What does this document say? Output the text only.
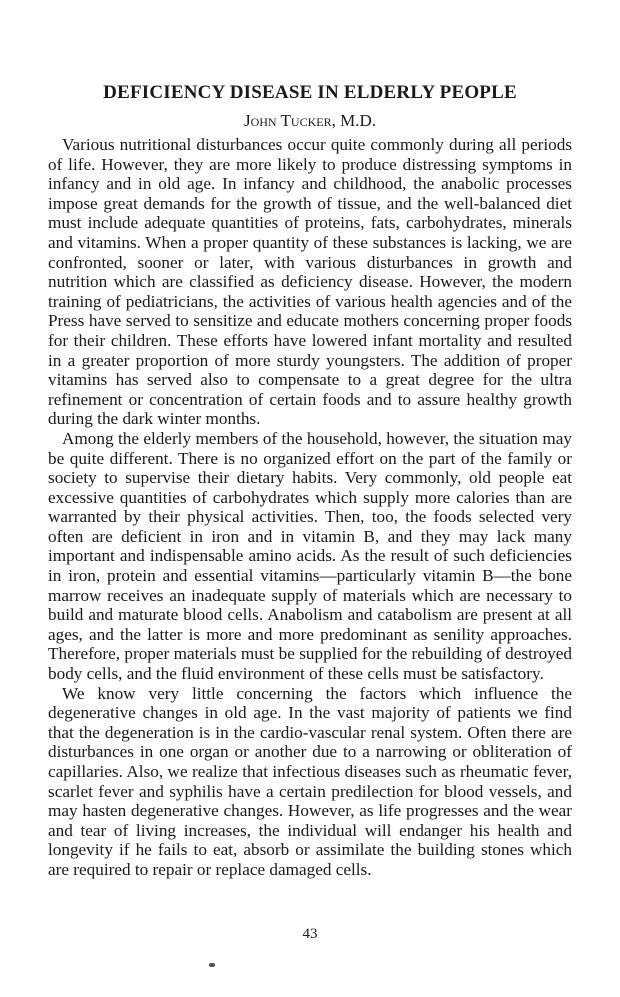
DEFICIENCY DISEASE IN ELDERLY PEOPLE
John Tucker, M.D.

Various nutritional disturbances occur quite commonly during all periods of life. However, they are more likely to produce distressing symptoms in infancy and in old age. In infancy and childhood, the anabolic processes impose great demands for the growth of tissue, and the well-balanced diet must include adequate quantities of proteins, fats, carbohydrates, minerals and vitamins. When a proper quantity of these substances is lacking, we are confronted, sooner or later, with various disturbances in growth and nutrition which are classified as deficiency disease. However, the modern training of pediatricians, the activities of various health agencies and of the Press have served to sensitize and educate mothers concerning proper foods for their children. These efforts have lowered infant mortality and resulted in a greater proportion of more sturdy youngsters. The addition of proper vitamins has served also to compensate to a great degree for the ultra refinement or concentration of certain foods and to assure healthy growth during the dark winter months.

Among the elderly members of the household, however, the situation may be quite different. There is no organized effort on the part of the family or society to supervise their dietary habits. Very commonly, old people eat excessive quantities of carbohydrates which supply more calories than are warranted by their physical activities. Then, too, the foods selected very often are deficient in iron and in vitamin B, and they may lack many important and indispensable amino acids. As the result of such deficiencies in iron, protein and essential vitamins—particularly vitamin B—the bone marrow receives an inadequate supply of materials which are necessary to build and maturate blood cells. Anabolism and catabolism are present at all ages, and the latter is more and more predominant as senility approaches. Therefore, proper materials must be supplied for the rebuilding of destroyed body cells, and the fluid environment of these cells must be satisfactory.

We know very little concerning the factors which influence the degenerative changes in old age. In the vast majority of patients we find that the degeneration is in the cardio-vascular renal system. Often there are disturbances in one organ or another due to a narrowing or obliteration of capillaries. Also, we realize that infectious diseases such as rheumatic fever, scarlet fever and syphilis have a certain predilection for blood vessels, and may hasten degenerative changes. However, as life progresses and the wear and tear of living increases, the individual will endanger his health and longevity if he fails to eat, absorb or assimilate the building stones which are required to repair or replace damaged cells.

43
